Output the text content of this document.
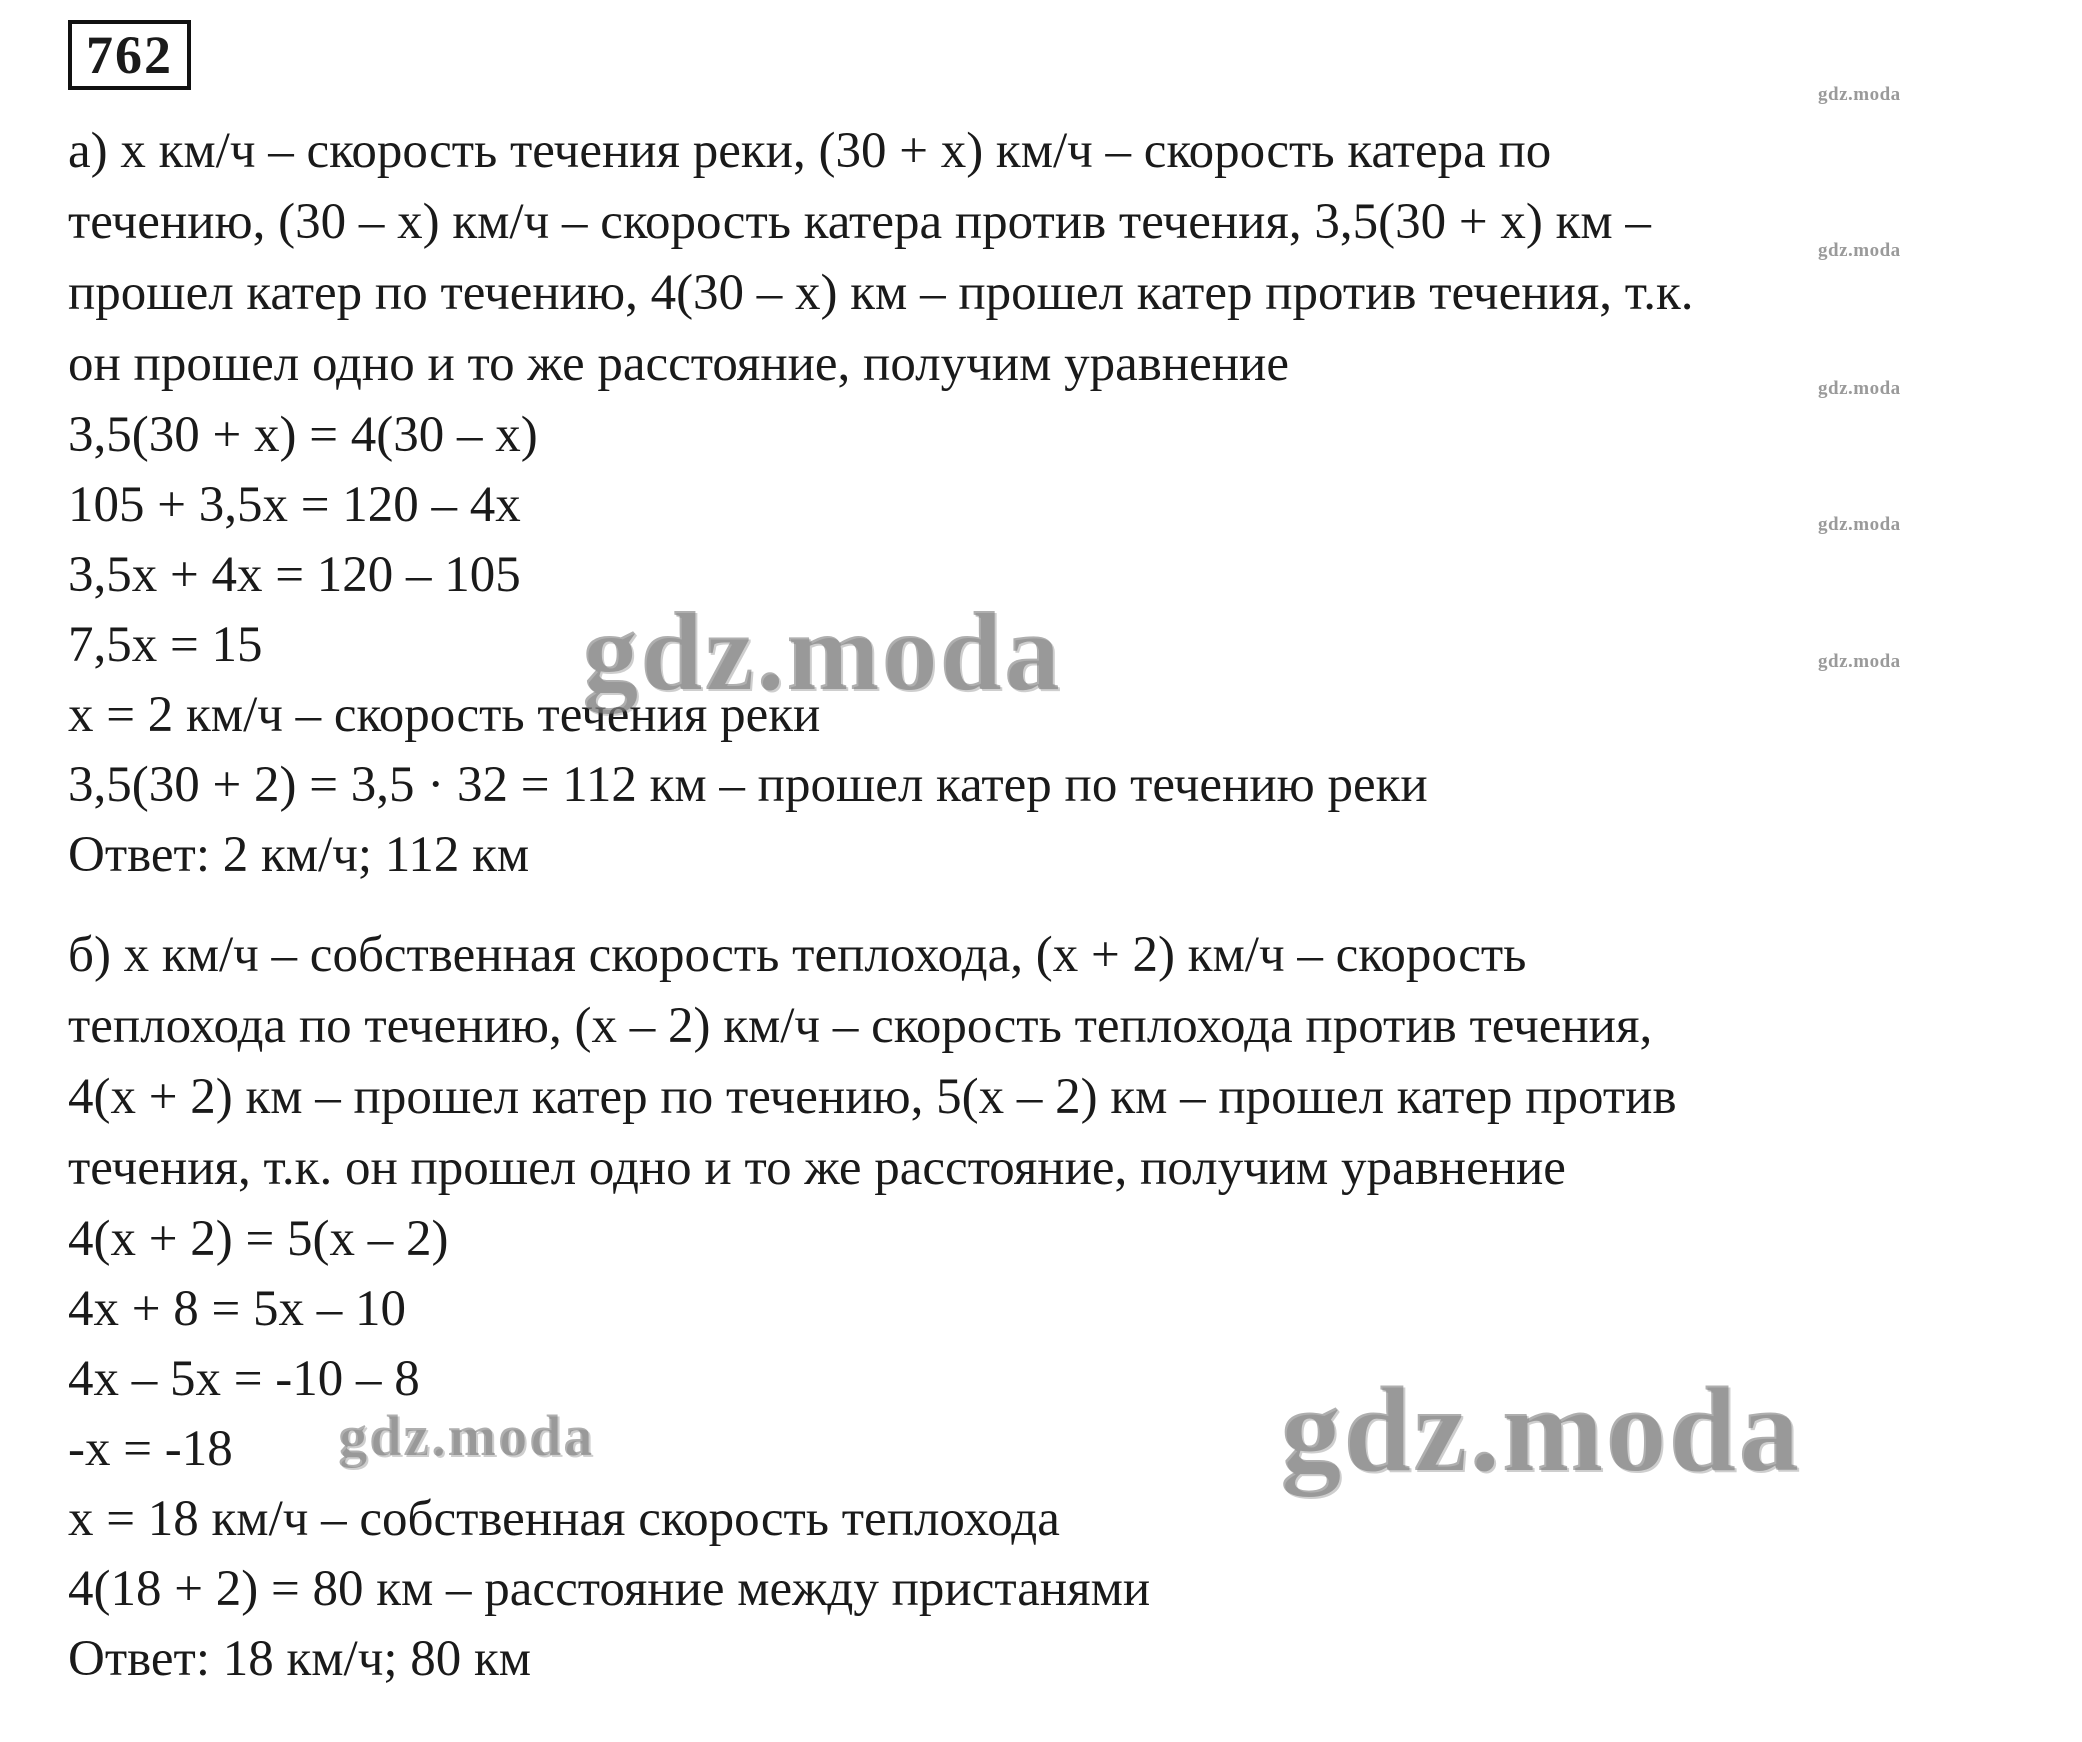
762
а) x км/ч – скорость течения реки, (30 + x) км/ч – скорость катера по
течению, (30 – x) км/ч – скорость катера против течения, 3,5(30 + x) км –
прошел катер по течению, 4(30 – x) км – прошел катер против течения, т.к.
он прошел одно и то же расстояние, получим уравнение
3,5(30 + x) = 4(30 – x)
105 + 3,5x = 120 – 4x
3,5x + 4x = 120 – 105
7,5x = 15
x = 2 км/ч – скорость течения реки
3,5(30 + 2) = 3,5 · 32 = 112 км – прошел катер по течению реки
Ответ: 2 км/ч; 112 км
б) x км/ч – собственная скорость теплохода, (x + 2) км/ч – скорость
теплохода по течению, (x – 2) км/ч – скорость теплохода против течения,
4(x + 2) км – прошел катер по течению, 5(x – 2) км – прошел катер против
течения, т.к. он прошел одно и то же расстояние, получим уравнение
4(x + 2) = 5(x – 2)
4x + 8 = 5x – 10
4x – 5x = -10 – 8
-x = -18
x = 18 км/ч – собственная скорость теплохода
4(18 + 2) = 80 км – расстояние между пристанями
Ответ: 18 км/ч; 80 км
gdz.moda
gdz.moda
gdz.moda
gdz.moda
gdz.moda
gdz.moda
gdz.moda
gdz.moda
